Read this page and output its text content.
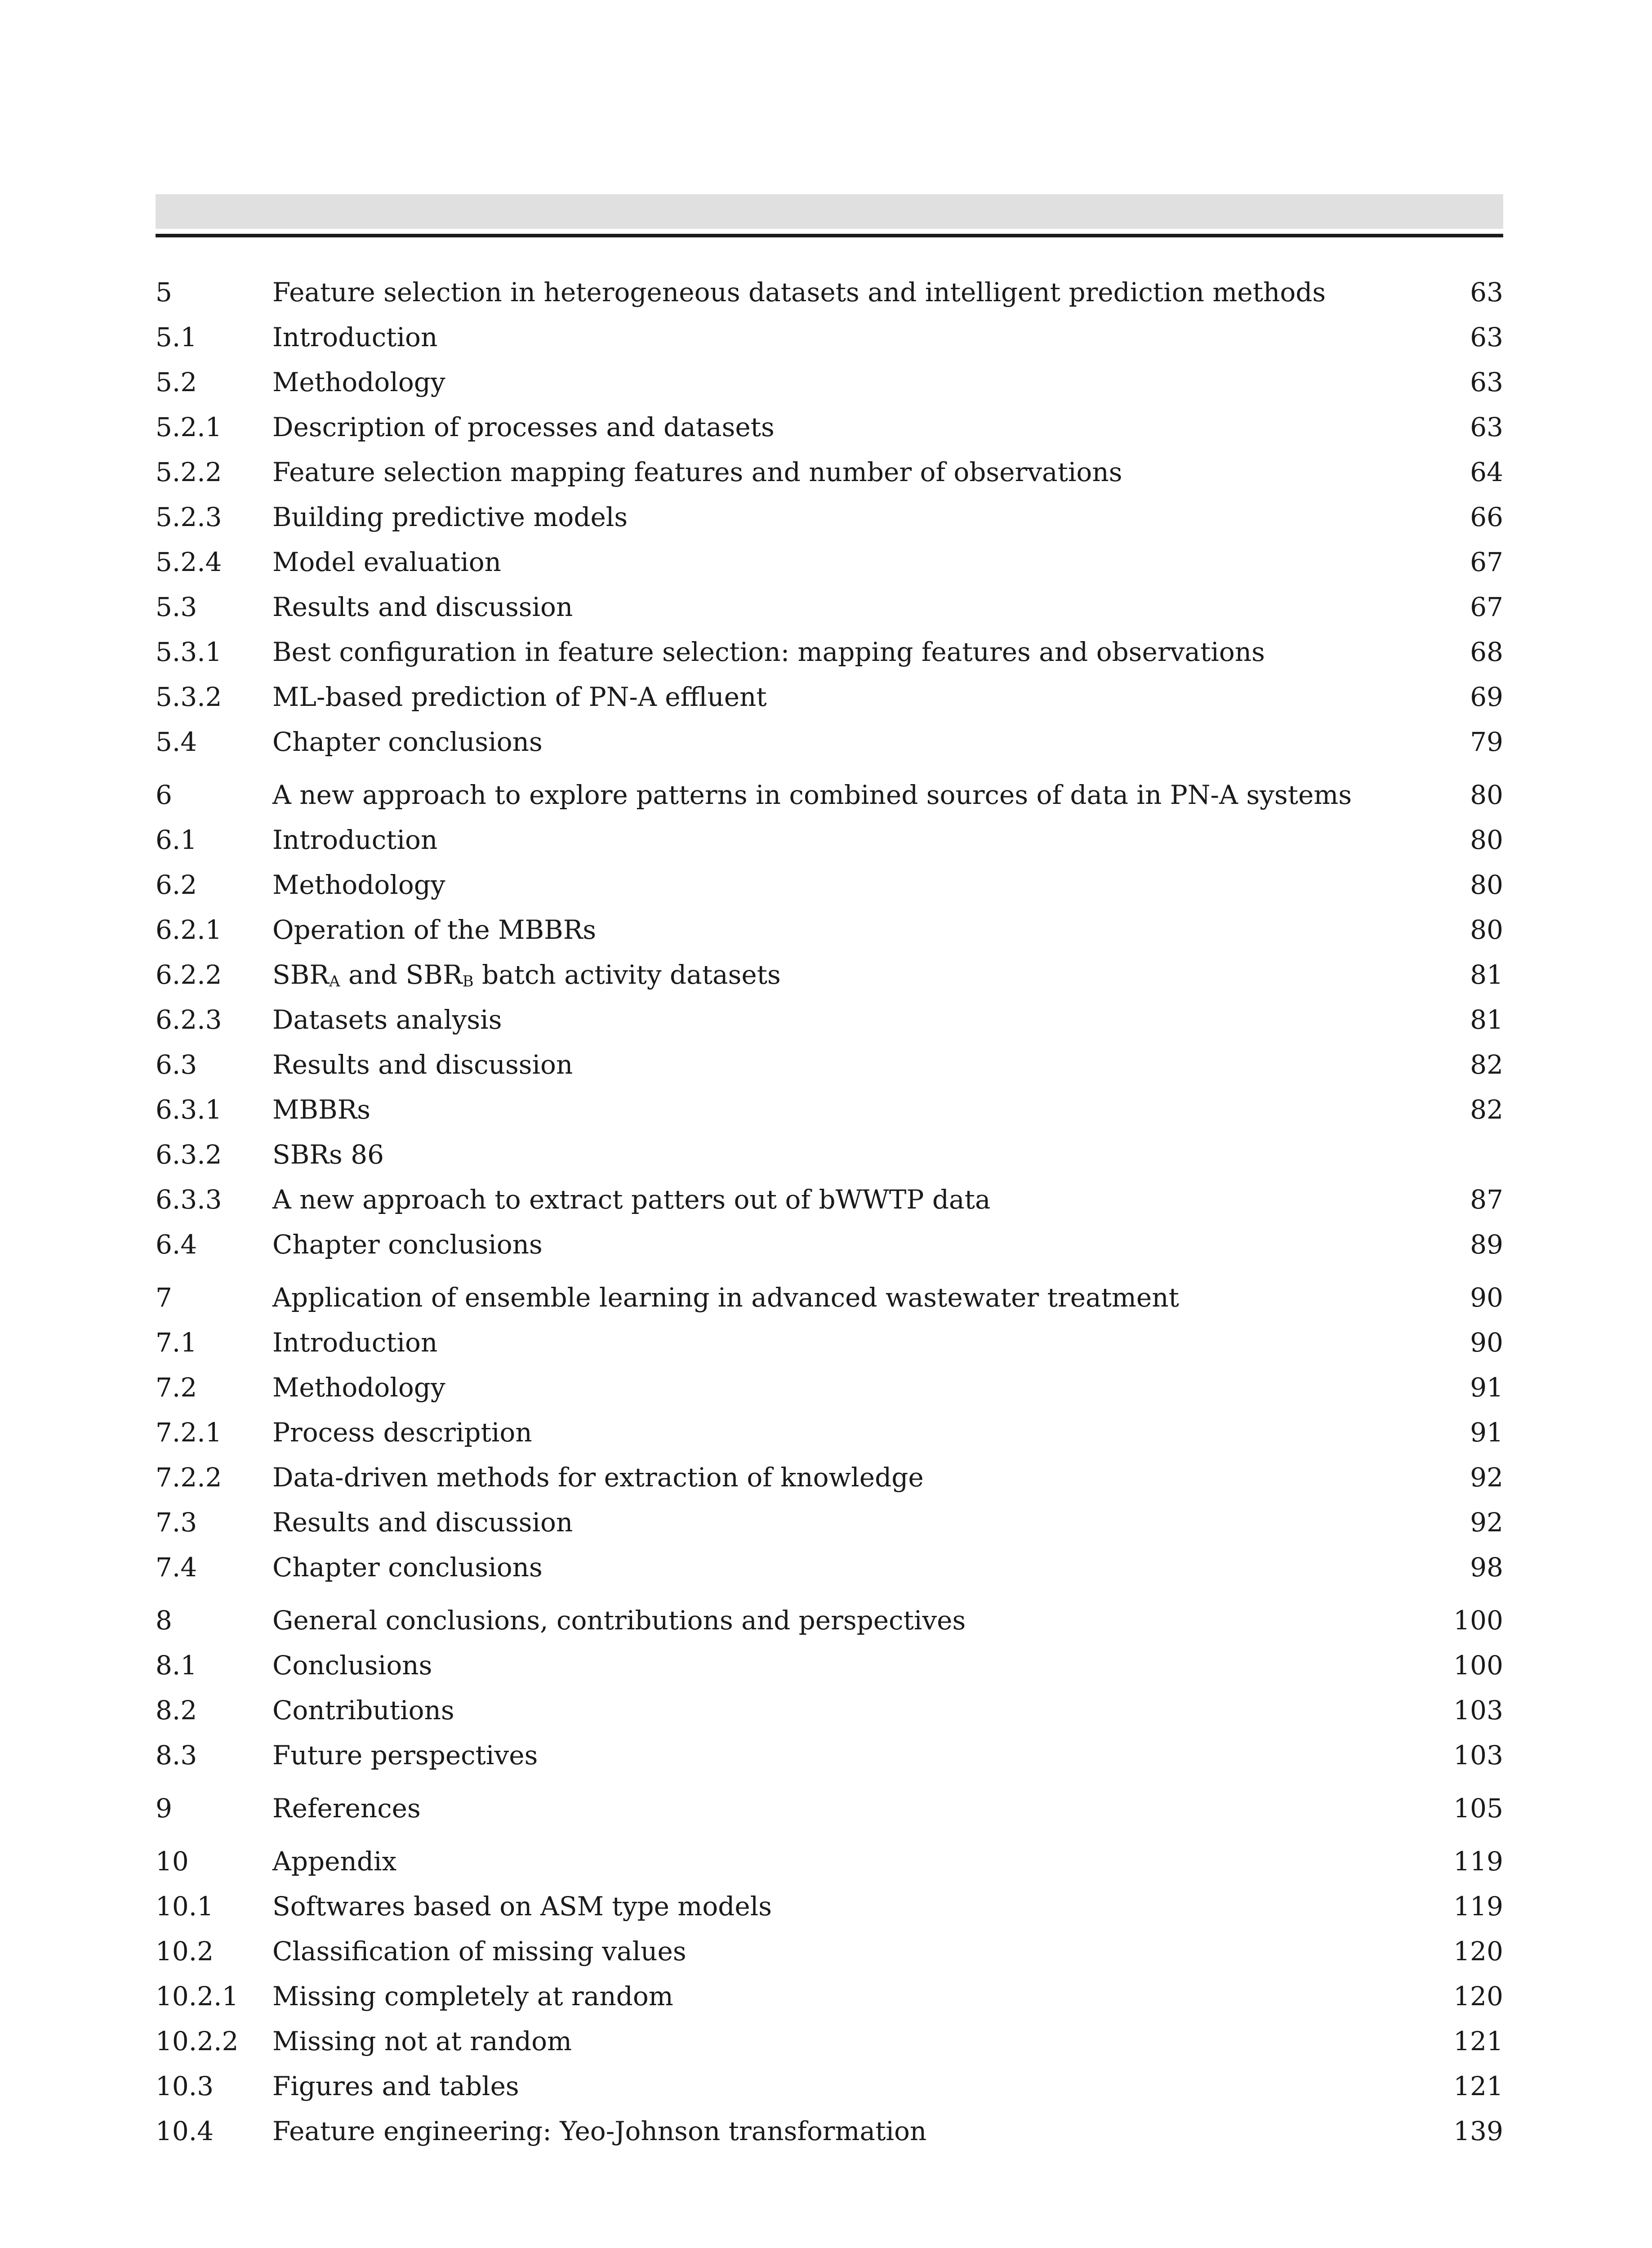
5	Feature selection in heterogeneous datasets and intelligent prediction methods	63
5.1	Introduction	63
5.2	Methodology	63
5.2.1 Description of processes and datasets	63
5.2.2 Feature selection mapping features and number of observations	64
5.2.3 Building predictive models	66
5.2.4 Model evaluation	67
5.3	Results and discussion	67
5.3.1 Best configuration in feature selection: mapping features and observations	68
5.3.2 ML-based prediction of PN-A effluent	69
5.4	Chapter conclusions	79
6	A new approach to explore patterns in combined sources of data in PN-A systems	80
6.1	Introduction	80
6.2	Methodology	80
6.2.1 Operation of the MBBRs	80
6.2.2 $SBR_A$ and $SBR_B$ batch activity datasets	81
6.2.3 Datasets analysis	81
6.3	Results and discussion	82
6.3.1 MBBRs	82
6.3.2 SBRs 86
6.3.3 A new approach to extract patters out of bWWTP data	87
6.4	Chapter conclusions	89
7	Application of ensemble learning in advanced wastewater treatment	90
7.1	Introduction	90
7.2	Methodology	91
7.2.1 Process description	91
7.2.2 Data-driven methods for extraction of knowledge	92
7.3	Results and discussion	92
7.4	Chapter conclusions	98
8	General conclusions, contributions and perspectives	100
8.1	Conclusions	100
8.2	Contributions	103
8.3	Future perspectives	103
9	References	105
10	Appendix	119
10.1 Softwares based on ASM type models	119
10.2 Classification of missing values	120
10.2.1 Missing completely at random	120
10.2.2 Missing not at random	121
10.3 Figures and tables	121
10.4 Feature engineering: Yeo-Johnson transformation	139
